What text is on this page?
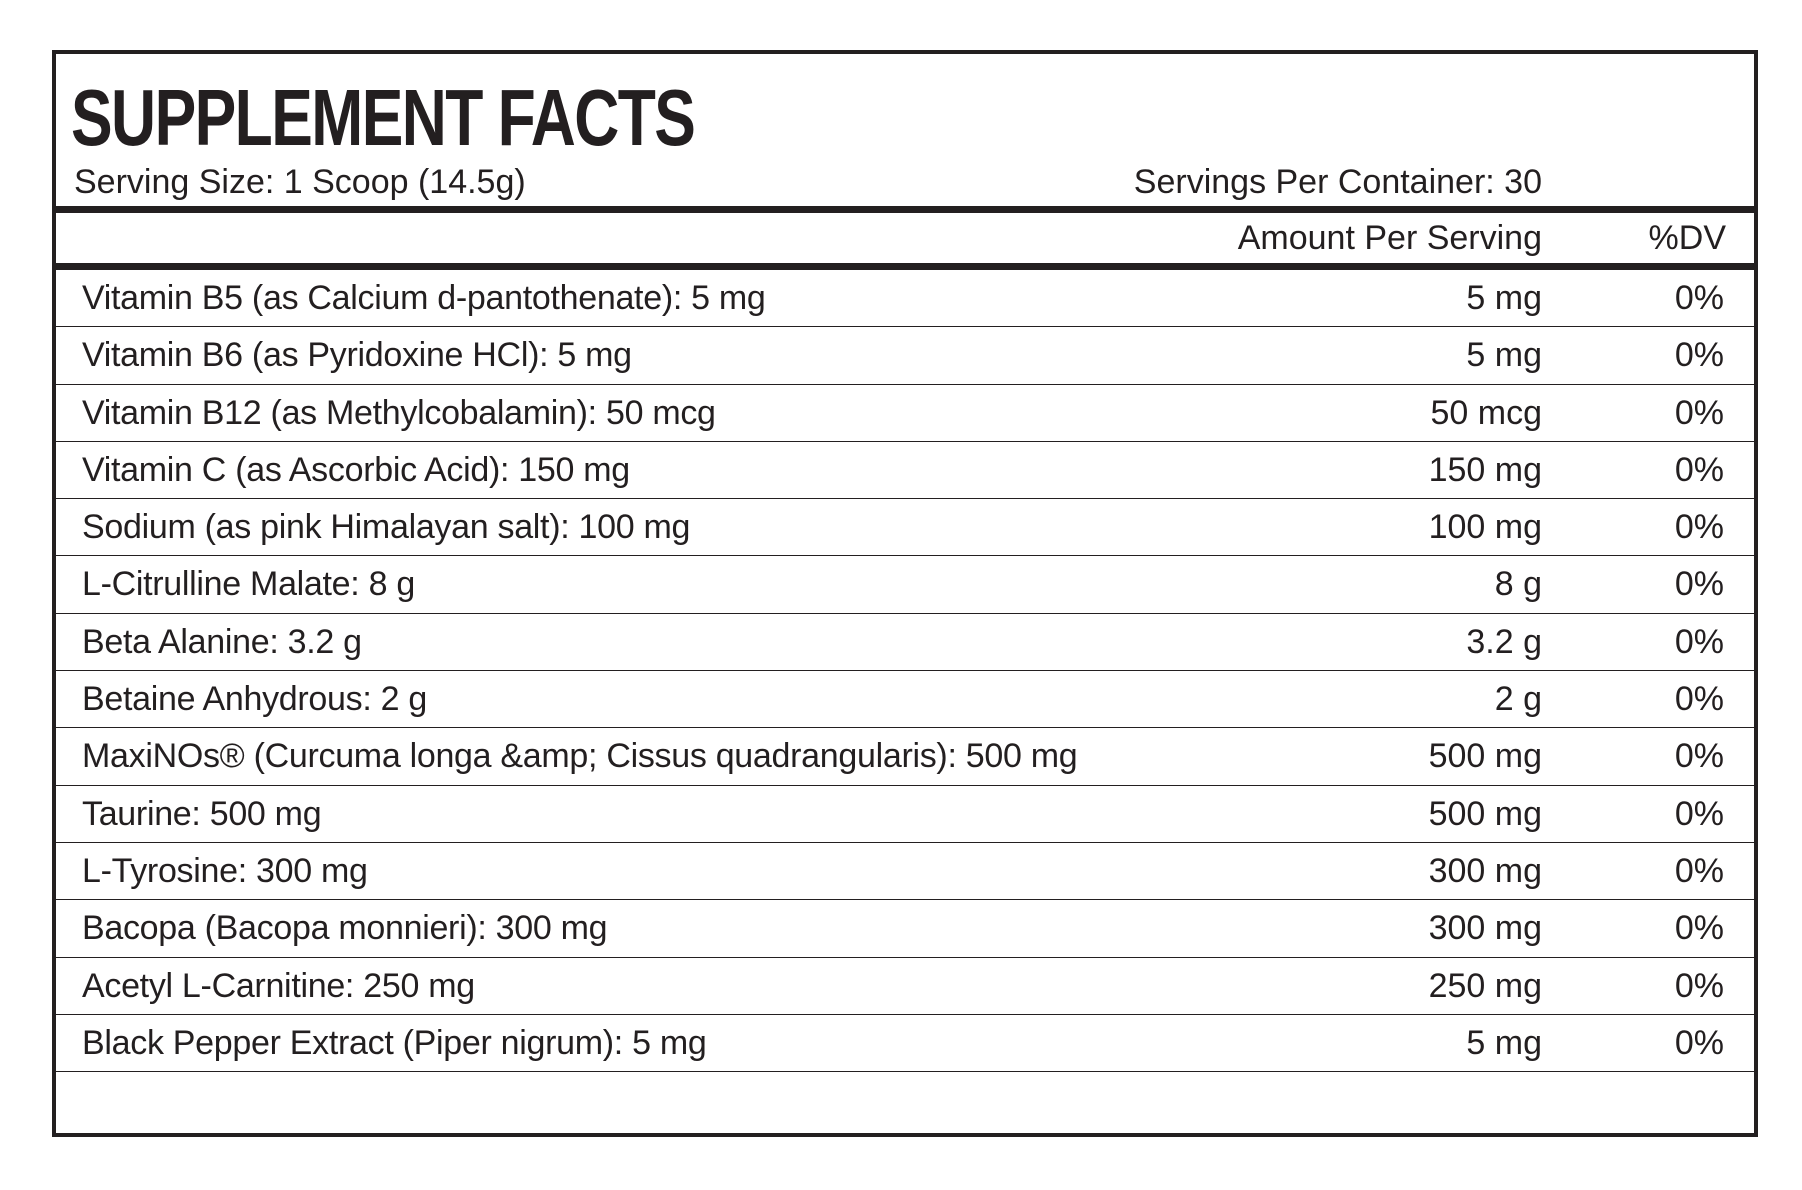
SUPPLEMENT FACTS
Serving Size: 1 Scoop (14.5g)	Servings Per Container: 30
Amount Per Serving	%DV
Vitamin B5 (as Calcium d-pantothenate): 5 mg	5 mg	0%
Vitamin B6 (as Pyridoxine HCl): 5 mg	5 mg	0%
Vitamin B12 (as Methylcobalamin): 50 mcg	50 mcg	0%
Vitamin C (as Ascorbic Acid): 150 mg	150 mg	0%
Sodium (as pink Himalayan salt): 100 mg	100 mg	0%
L-Citrulline Malate: 8 g	8 g	0%
Beta Alanine: 3.2 g	3.2 g	0%
Betaine Anhydrous: 2 g	2 g	0%
MaxiNOs® (Curcuma longa &amp; Cissus quadrangularis): 500 mg	500 mg	0%
Taurine: 500 mg	500 mg	0%
L-Tyrosine: 300 mg	300 mg	0%
Bacopa (Bacopa monnieri): 300 mg	300 mg	0%
Acetyl L-Carnitine: 250 mg	250 mg	0%
Black Pepper Extract (Piper nigrum): 5 mg	5 mg	0%
